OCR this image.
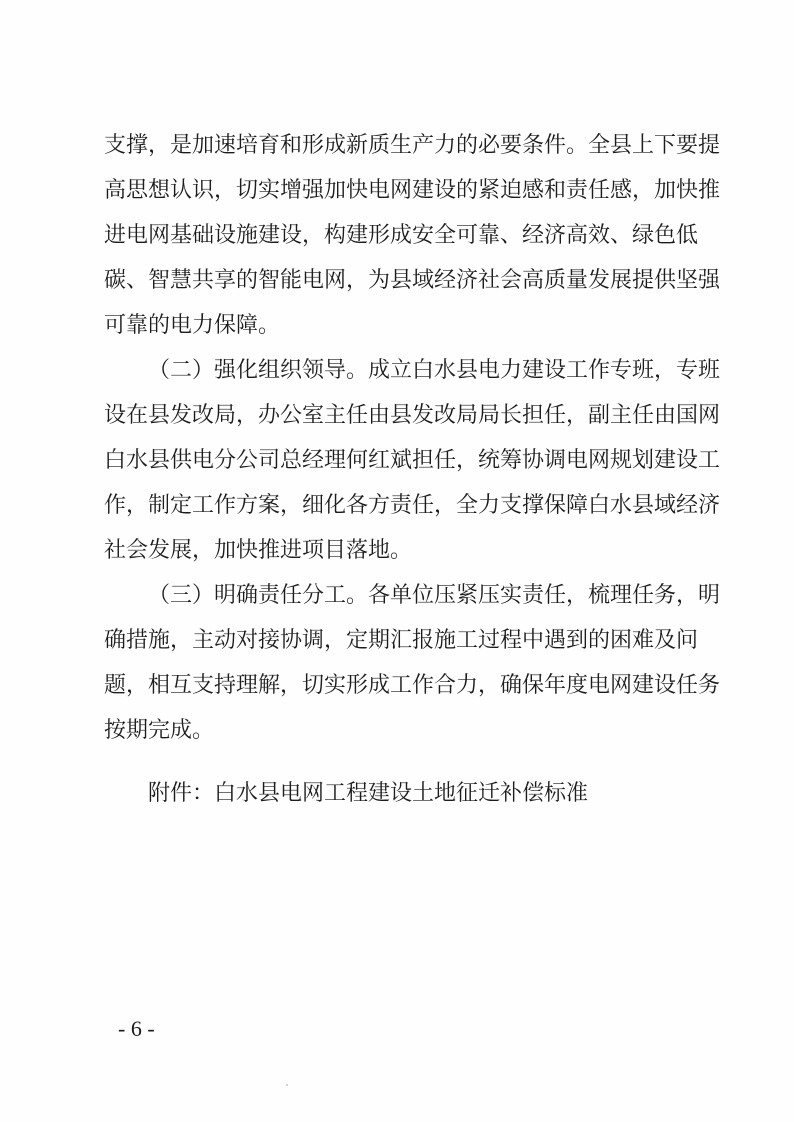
支撑，是加速培育和形成新质生产力的必要条件。全县上下要提
高思想认识，切实增强加快电网建设的紧迫感和责任感，加快推
进电网基础设施建设，构建形成安全可靠、经济高效、绿色低
碳、智慧共享的智能电网，为县域经济社会高质量发展提供坚强
可靠的电力保障。
（二）强化组织领导。成立白水县电力建设工作专班，专班
设在县发改局，办公室主任由县发改局局长担任，副主任由国网
白水县供电分公司总经理何红斌担任，统筹协调电网规划建设工
作，制定工作方案，细化各方责任，全力支撑保障白水县域经济
社会发展，加快推进项目落地。
（三）明确责任分工。各单位压紧压实责任，梳理任务，明
确措施，主动对接协调，定期汇报施工过程中遇到的困难及问
题，相互支持理解，切实形成工作合力，确保年度电网建设任务
按期完成。
附件：白水县电网工程建设土地征迁补偿标准
- 6 -
